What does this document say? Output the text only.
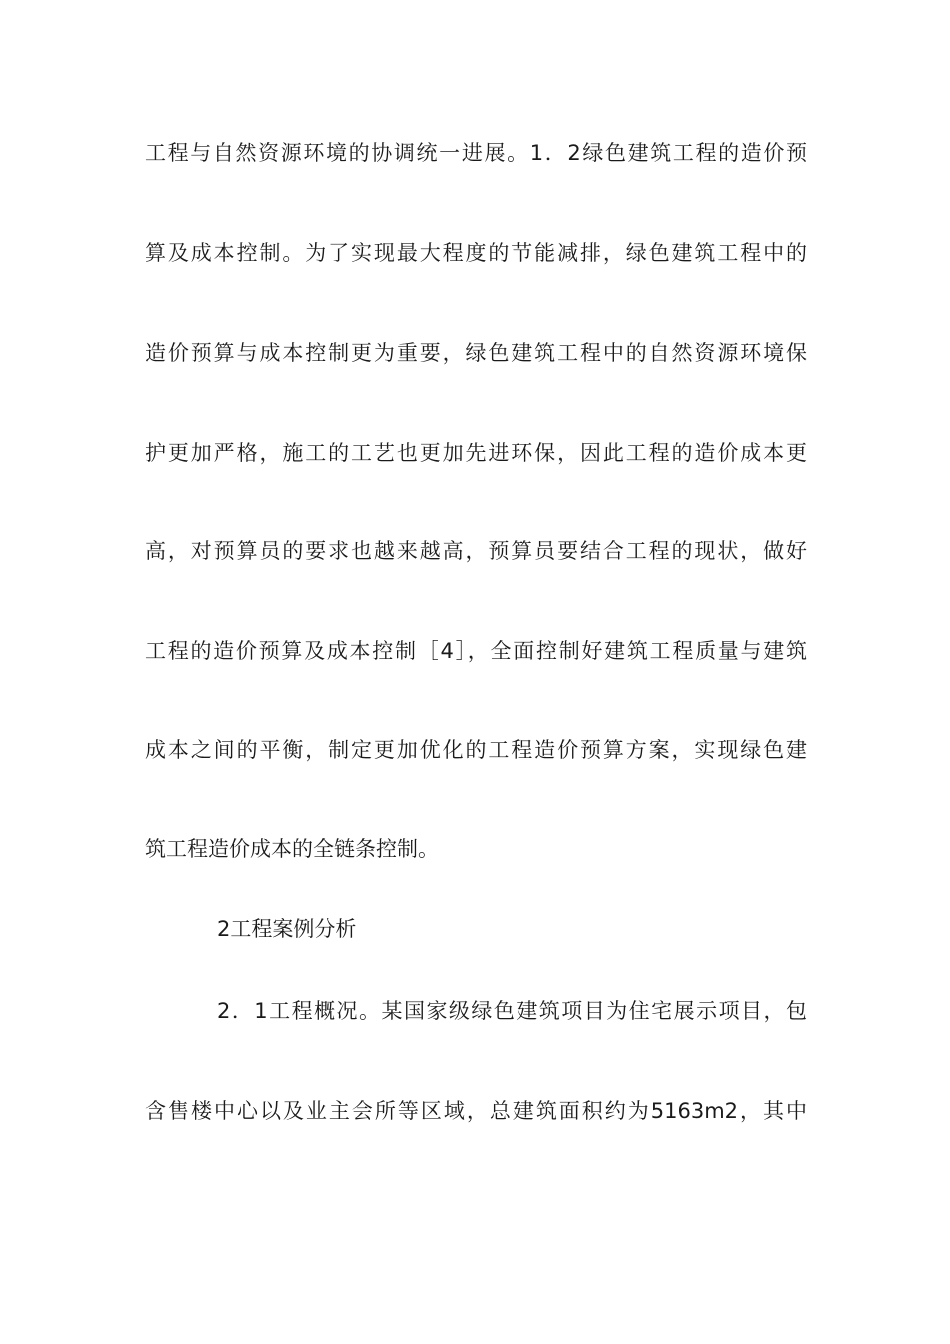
工程与自然资源环境的协调统一进展。1．2绿色建筑工程的造价预
算及成本控制。为了实现最大程度的节能减排，绿色建筑工程中的
造价预算与成本控制更为重要，绿色建筑工程中的自然资源环境保
护更加严格，施工的工艺也更加先进环保，因此工程的造价成本更
高，对预算员的要求也越来越高，预算员要结合工程的现状，做好
工程的造价预算及成本控制［4］，全面控制好建筑工程质量与建筑
成本之间的平衡，制定更加优化的工程造价预算方案，实现绿色建
筑工程造价成本的全链条控制。
2工程案例分析
2．1工程概况。某国家级绿色建筑项目为住宅展示项目，包
含售楼中心以及业主会所等区域，总建筑面积约为5163m2，其中
